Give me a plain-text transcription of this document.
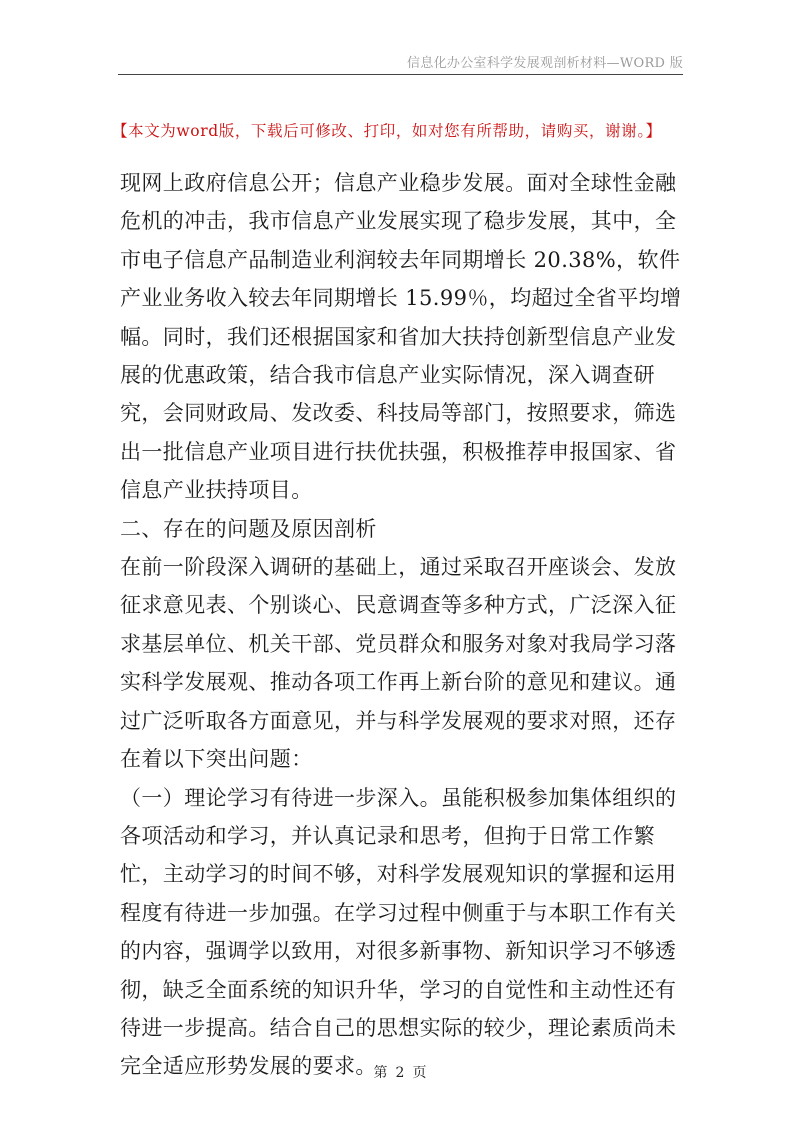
信息化办公室科学发展观剖析材料—WORD 版
【本文为word版，下载后可修改、打印，如对您有所帮助，请购买，谢谢。】

现网上政府信息公开；信息产业稳步发展。面对全球性金融危机的冲击，我市信息产业发展实现了稳步发展，其中，全市电子信息产品制造业利润较去年同期增长 20.38%，软件产业业务收入较去年同期增长 15.99％，均超过全省平均增幅。同时，我们还根据国家和省加大扶持创新型信息产业发展的优惠政策，结合我市信息产业实际情况，深入调查研究，会同财政局、发改委、科技局等部门，按照要求，筛选出一批信息产业项目进行扶优扶强，积极推荐申报国家、省信息产业扶持项目。

二、存在的问题及原因剖析

在前一阶段深入调研的基础上，通过采取召开座谈会、发放征求意见表、个别谈心、民意调查等多种方式，广泛深入征求基层单位、机关干部、党员群众和服务对象对我局学习落实科学发展观、推动各项工作再上新台阶的意见和建议。通过广泛听取各方面意见，并与科学发展观的要求对照，还存在着以下突出问题：

（一）理论学习有待进一步深入。虽能积极参加集体组织的各项活动和学习，并认真记录和思考，但拘于日常工作繁忙，主动学习的时间不够，对科学发展观知识的掌握和运用程度有待进一步加强。在学习过程中侧重于与本职工作有关的内容，强调学以致用，对很多新事物、新知识学习不够透彻，缺乏全面系统的知识升华，学习的自觉性和主动性还有待进一步提高。结合自己的思想实际的较少，理论素质尚未完全适应形势发展的要求。

第 2 页
